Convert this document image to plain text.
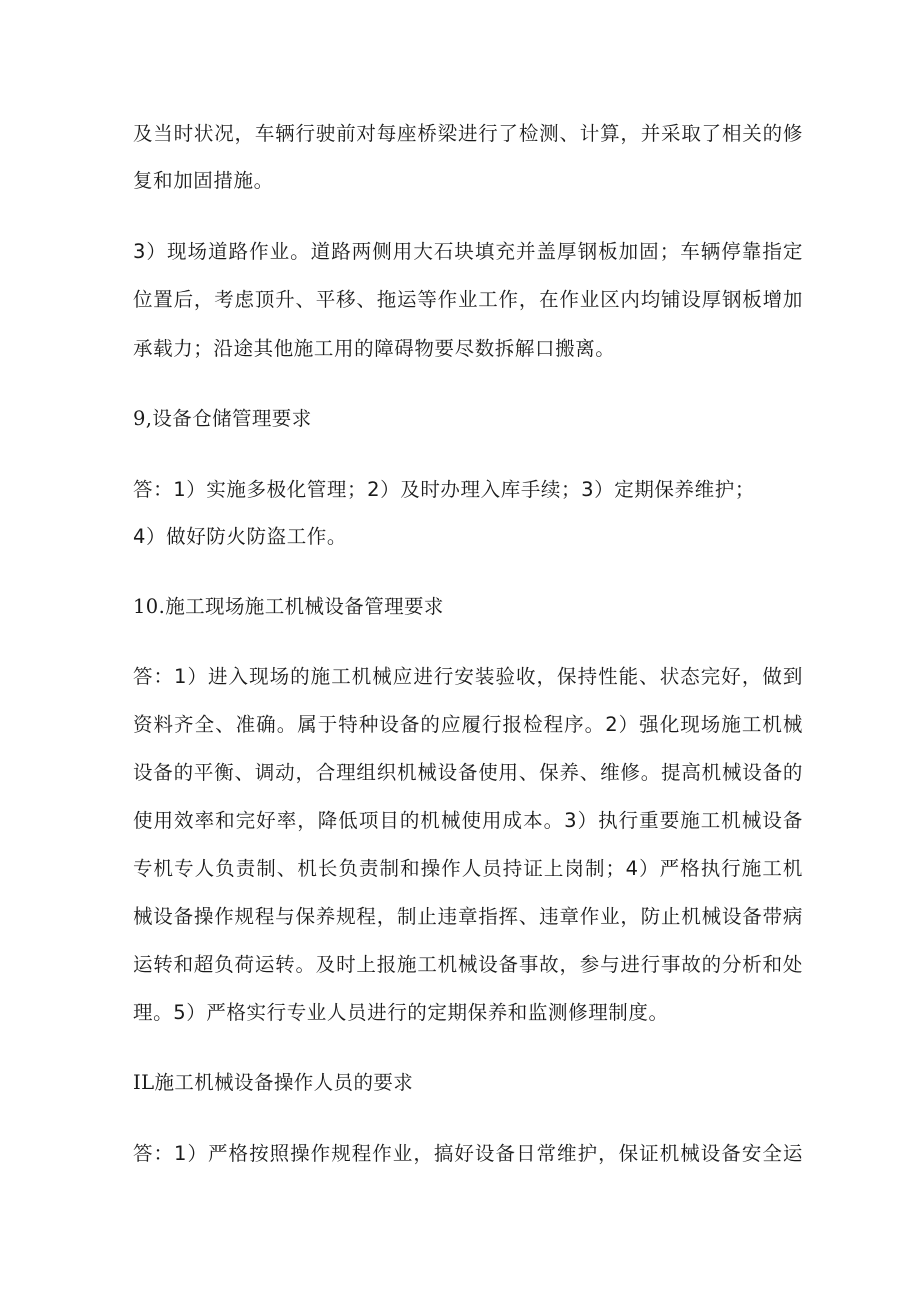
及当时状况，车辆行驶前对每座桥梁进行了检测、计算，并采取了相关的修

复和加固措施。

3）现场道路作业。道路两侧用大石块填充并盖厚钢板加固；车辆停靠指定

位置后，考虑顶升、平移、拖运等作业工作，在作业区内均铺设厚钢板增加

承载力；沿途其他施工用的障碍物要尽数拆解口搬离。

9,设备仓储管理要求

答：1）实施多极化管理；2）及时办理入库手续；3）定期保养维护；

4）做好防火防盗工作。

10.施工现场施工机械设备管理要求

答：1）进入现场的施工机械应进行安装验收，保持性能、状态完好，做到

资料齐全、准确。属于特种设备的应履行报检程序。2）强化现场施工机械

设备的平衡、调动，合理组织机械设备使用、保养、维修。提高机械设备的

使用效率和完好率，降低项目的机械使用成本。3）执行重要施工机械设备

专机专人负责制、机长负责制和操作人员持证上岗制；4）严格执行施工机

械设备操作规程与保养规程，制止违章指挥、违章作业，防止机械设备带病

运转和超负荷运转。及时上报施工机械设备事故，参与进行事故的分析和处

理。5）严格实行专业人员进行的定期保养和监测修理制度。

IL施工机械设备操作人员的要求

答：1）严格按照操作规程作业，搞好设备日常维护，保证机械设备安全运
